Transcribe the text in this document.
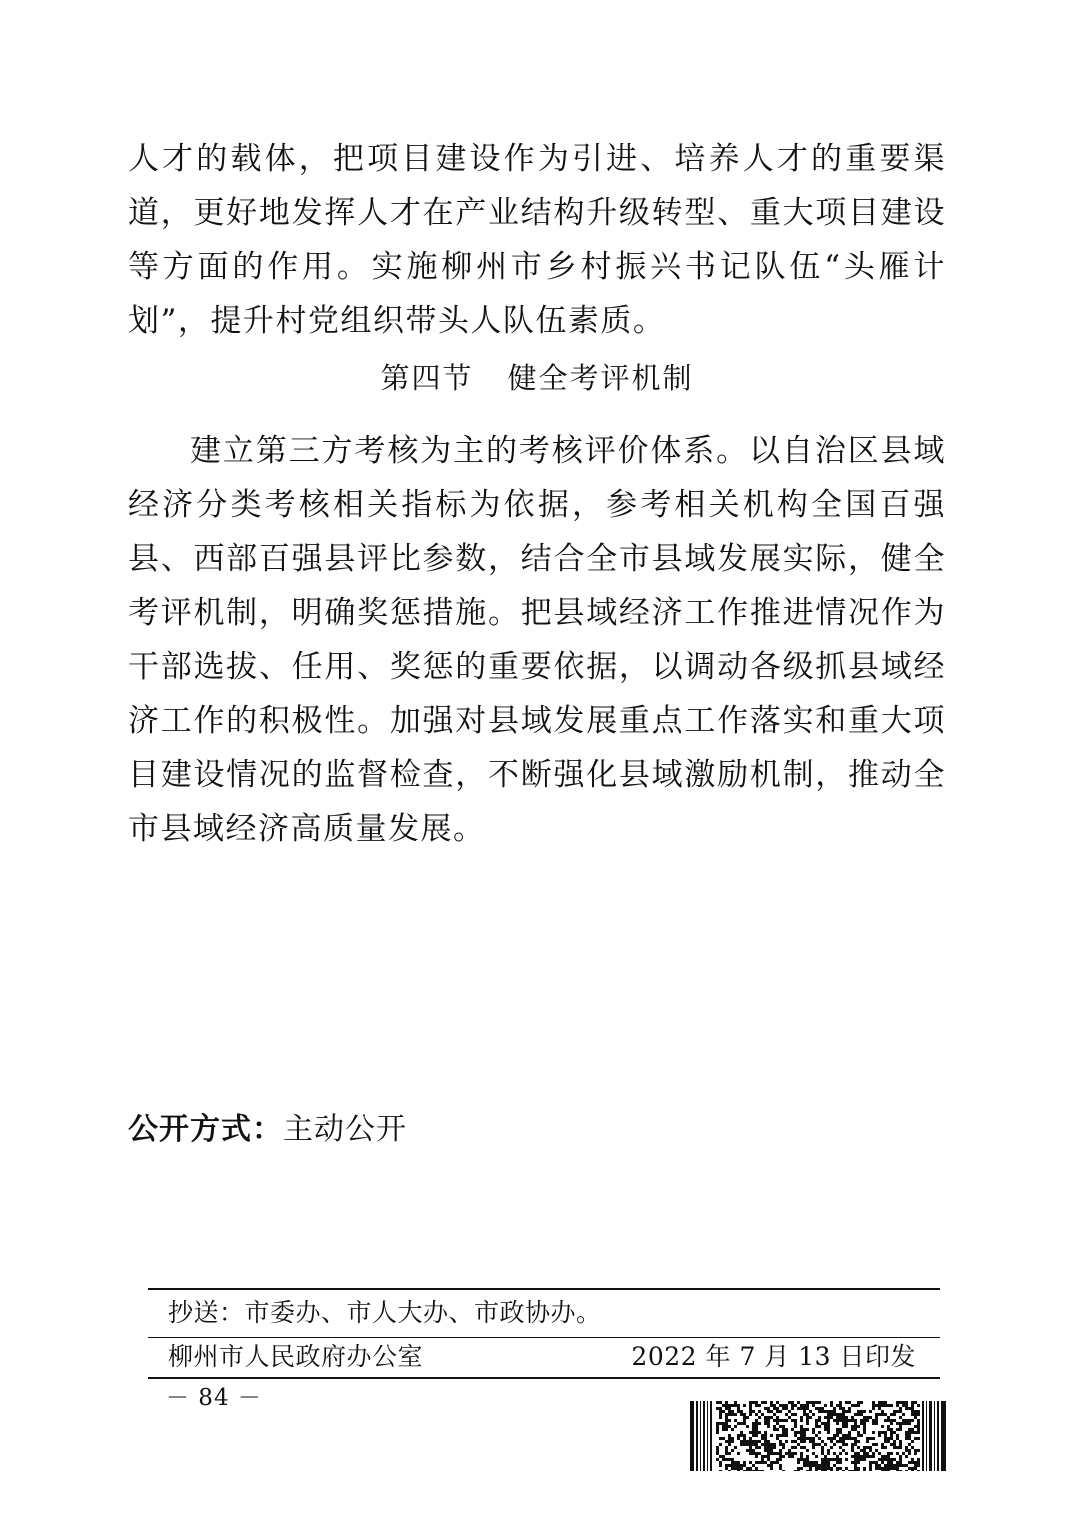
人才的载体，把项目建设作为引进、培养人才的重要渠道，更好地发挥人才在产业结构升级转型、重大项目建设等方面的作用。实施柳州市乡村振兴书记队伍“头雁计划”，提升村党组织带头人队伍素质。

第四节 健全考评机制

建立第三方考核为主的考核评价体系。以自治区县域经济分类考核相关指标为依据，参考相关机构全国百强县、西部百强县评比参数，结合全市县域发展实际，健全考评机制，明确奖惩措施。把县域经济工作推进情况作为干部选拔、任用、奖惩的重要依据，以调动各级抓县域经济工作的积极性。加强对县域发展重点工作落实和重大项目建设情况的监督检查，不断强化县域激励机制，推动全市县域经济高质量发展。

公开方式：主动公开
抄送：市委办、市人大办、市政协办。
柳州市人民政府办公室	2022 年 7 月 13 日印发
－ 84 －
